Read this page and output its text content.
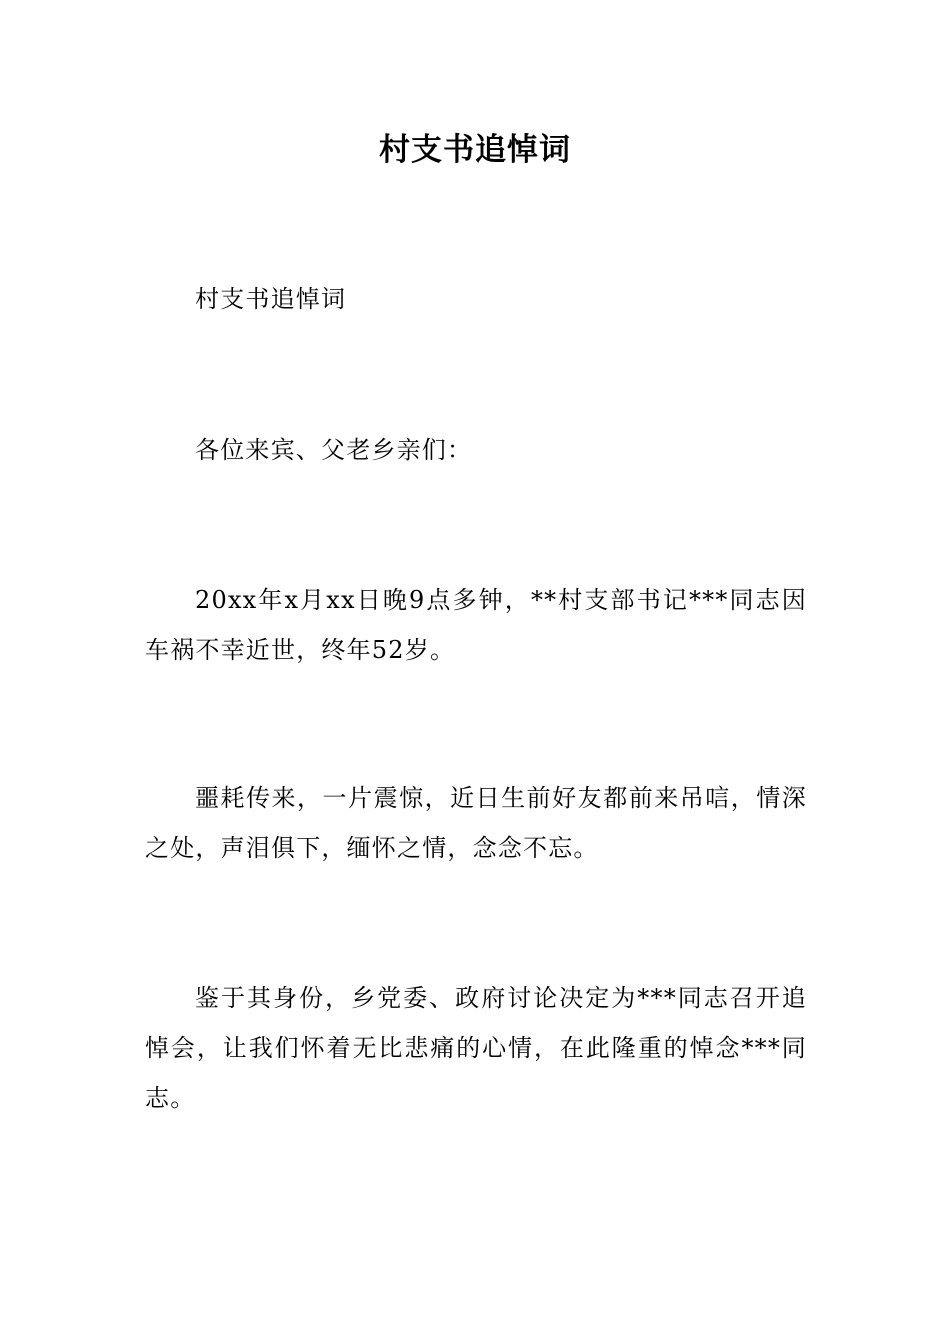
村支书追悼词

村支书追悼词

各位来宾、父老乡亲们：

20xx年x月xx日晚9点多钟，**村支部书记***同志因车祸不幸近世，终年52岁。

噩耗传来，一片震惊，近日生前好友都前来吊唁，情深之处，声泪俱下，缅怀之情，念念不忘。

鉴于其身份，乡党委、政府讨论决定为***同志召开追悼会，让我们怀着无比悲痛的心情，在此隆重的悼念***同志。
